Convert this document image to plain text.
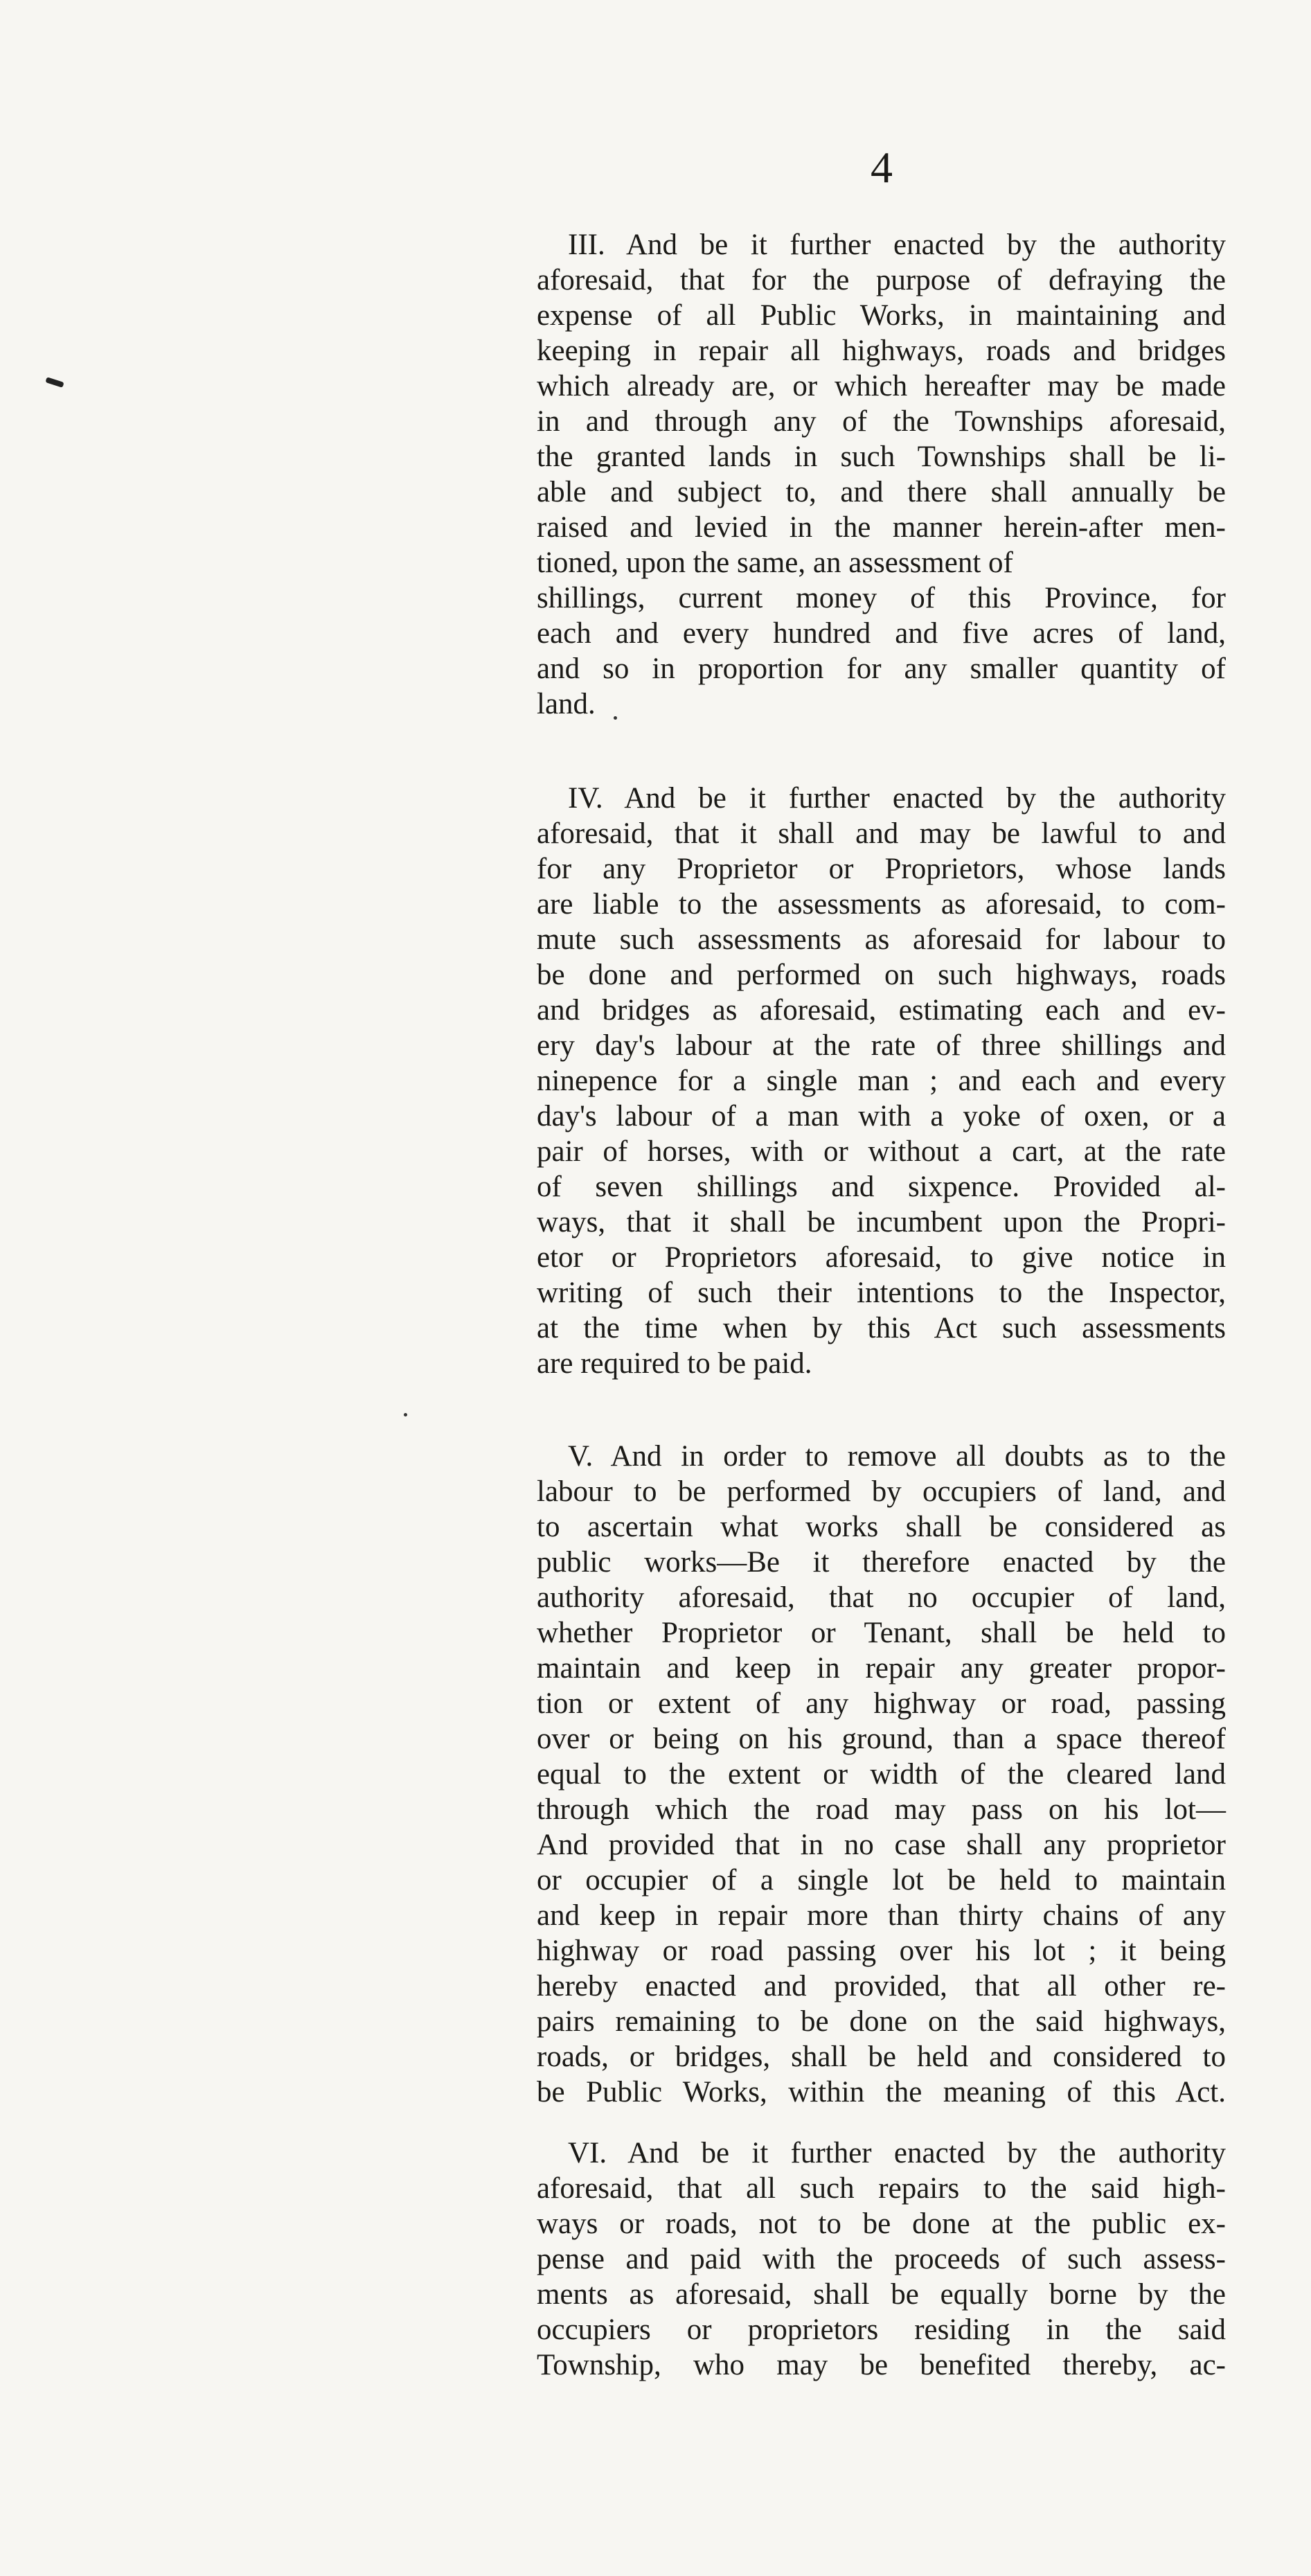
4
III. And be it further enacted by the authority
aforesaid, that for the purpose of defraying the
expense of all Public Works, in maintaining and
keeping in repair all highways, roads and bridges
which already are, or which hereafter may be made
in and through any of the Townships aforesaid,
the granted lands in such Townships shall be li-
able and subject to, and there shall annually be
raised and levied in the manner herein-after men-
tioned, upon the same, an assessment of
shillings, current money of this Province, for
each and every hundred and five acres of land,
and so in proportion for any smaller quantity of
land.
IV. And be it further enacted by the authority
aforesaid, that it shall and may be lawful to and
for any Proprietor or Proprietors, whose lands
are liable to the assessments as aforesaid, to com-
mute such assessments as aforesaid for labour to
be done and performed on such highways, roads
and bridges as aforesaid, estimating each and ev-
ery day's labour at the rate of three shillings and
ninepence for a single man ; and each and every
day's labour of a man with a yoke of oxen, or a
pair of horses, with or without a cart, at the rate
of seven shillings and sixpence. Provided al-
ways, that it shall be incumbent upon the Propri-
etor or Proprietors aforesaid, to give notice in
writing of such their intentions to the Inspector,
at the time when by this Act such assessments
are required to be paid.
V. And in order to remove all doubts as to the
labour to be performed by occupiers of land, and
to ascertain what works shall be considered as
public works—Be it therefore enacted by the
authority aforesaid, that no occupier of land,
whether Proprietor or Tenant, shall be held to
maintain and keep in repair any greater propor-
tion or extent of any highway or road, passing
over or being on his ground, than a space thereof
equal to the extent or width of the cleared land
through which the road may pass on his lot—
And provided that in no case shall any proprietor
or occupier of a single lot be held to maintain
and keep in repair more than thirty chains of any
highway or road passing over his lot ; it being
hereby enacted and provided, that all other re-
pairs remaining to be done on the said highways,
roads, or bridges, shall be held and considered to
be Public Works, within the meaning of this Act.
VI. And be it further enacted by the authority
aforesaid, that all such repairs to the said high-
ways or roads, not to be done at the public ex-
pense and paid with the proceeds of such assess-
ments as aforesaid, shall be equally borne by the
occupiers or proprietors residing in the said
Township, who may be benefited thereby, ac-
